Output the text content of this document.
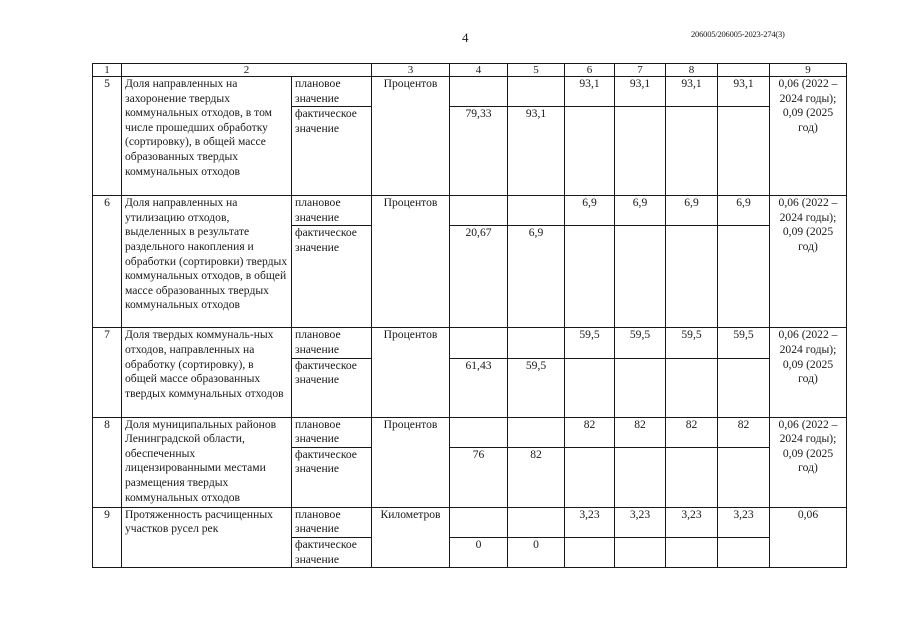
4	206005/206005-2023-274(3)
1	2		3	4	5	6	7	8		9
5	Доля направленных на захоронение твердых коммунальных отходов, в том числе прошедших обработку (сортировку), в общей массе образованных твердых коммунальных отходов	плановое значение	Процентов			93,1	93,1	93,1	93,1	0,06 (2022 – 2024 годы); 0,09 (2025 год)
		фактическое значение		79,33	93,1					
6	Доля направленных на утилизацию отходов, выделенных в результате раздельного накопления и обработки (сортировки) твердых коммунальных отходов, в общей массе образованных твердых коммунальных отходов	плановое значение	Процентов			6,9	6,9	6,9	6,9	0,06 (2022 – 2024 годы); 0,09 (2025 год)
		фактическое значение		20,67	6,9					
7	Доля твердых коммуналь-ных отходов, направленных на обработку (сортировку), в общей массе образованных твердых коммунальных отходов	плановое значение	Процентов			59,5	59,5	59,5	59,5	0,06 (2022 – 2024 годы); 0,09 (2025 год)
		фактическое значение		61,43	59,5					
8	Доля муниципальных районов Ленинградской области, обеспеченных лицензированными местами размещения твердых коммунальных отходов	плановое значение	Процентов			82	82	82	82	0,06 (2022 – 2024 годы); 0,09 (2025 год)
		фактическое значение		76	82					
9	Протяженность расчищенных участков русел рек	плановое значение	Километров			3,23	3,23	3,23	3,23	0,06
		фактическое значение		0	0					
